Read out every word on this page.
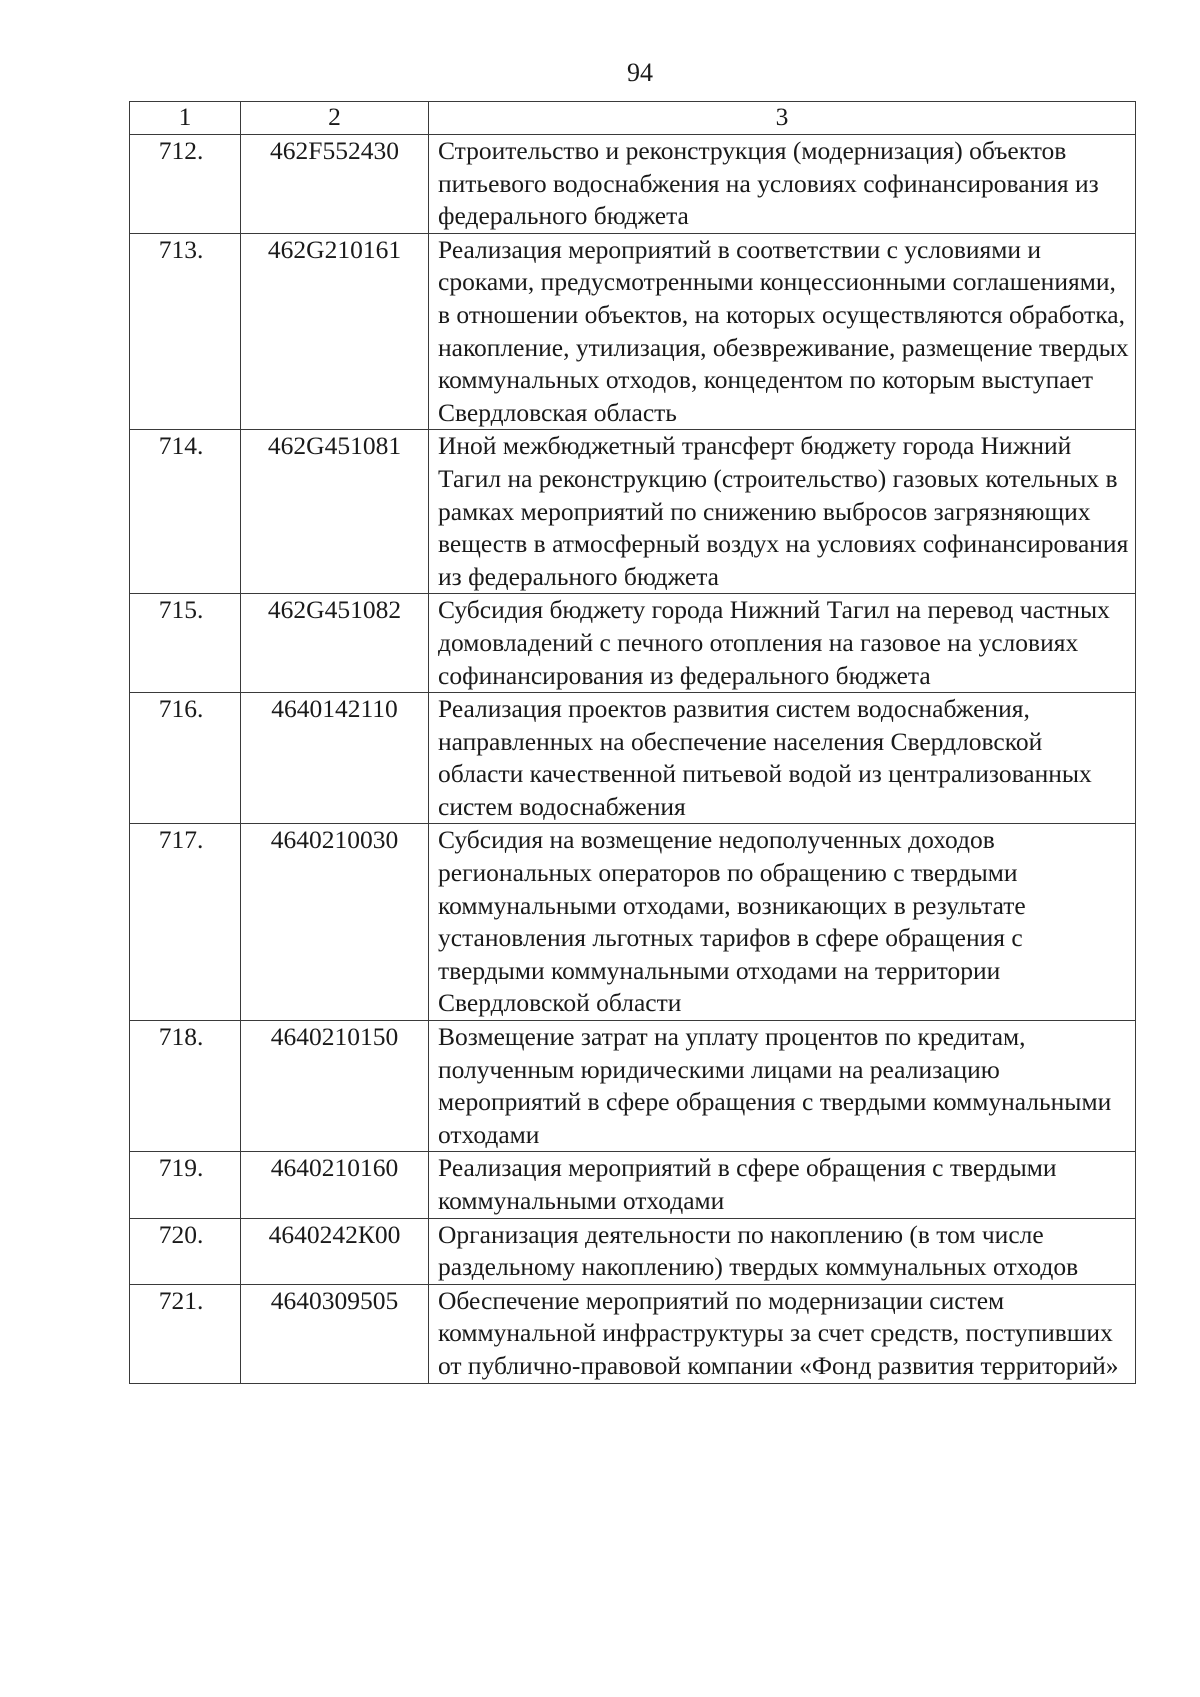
94
1	2	3
712.	462F552430	Строительство и реконструкция (модернизация) объектов питьевого водоснабжения на условиях софинансирования из федерального бюджета
713.	462G210161	Реализация мероприятий в соответствии с условиями и сроками, предусмотренными концессионными соглашениями, в отношении объектов, на которых осуществляются обработка, накопление, утилизация, обезвреживание, размещение твердых коммунальных отходов, концедентом по которым выступает Свердловская область
714.	462G451081	Иной межбюджетный трансферт бюджету города Нижний Тагил на реконструкцию (строительство) газовых котельных в рамках мероприятий по снижению выбросов загрязняющих веществ в атмосферный воздух на условиях софинансирования из федерального бюджета
715.	462G451082	Субсидия бюджету города Нижний Тагил на перевод частных домовладений с печного отопления на газовое на условиях софинансирования из федерального бюджета
716.	4640142110	Реализация проектов развития систем водоснабжения, направленных на обеспечение населения Свердловской области качественной питьевой водой из централизованных систем водоснабжения
717.	4640210030	Субсидия на возмещение недополученных доходов региональных операторов по обращению с твердыми коммунальными отходами, возникающих в результате установления льготных тарифов в сфере обращения с твердыми коммунальными отходами на территории Свердловской области
718.	4640210150	Возмещение затрат на уплату процентов по кредитам, полученным юридическими лицами на реализацию мероприятий в сфере обращения с твердыми коммунальными отходами
719.	4640210160	Реализация мероприятий в сфере обращения с твердыми коммунальными отходами
720.	4640242К00	Организация деятельности по накоплению (в том числе раздельному накоплению) твердых коммунальных отходов
721.	4640309505	Обеспечение мероприятий по модернизации систем коммунальной инфраструктуры за счет средств, поступивших от публично-правовой компании «Фонд развития территорий»
